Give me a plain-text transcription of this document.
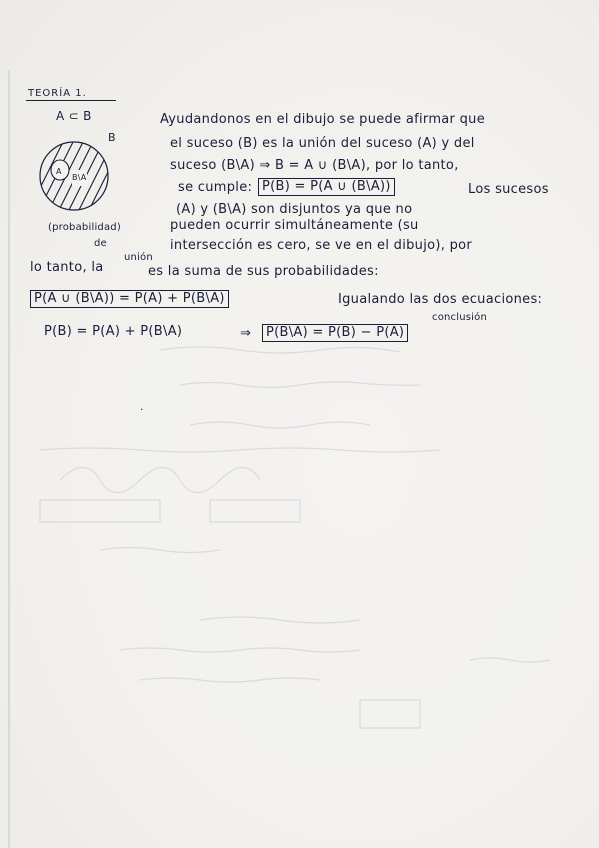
TEORÍA 1.
A ⊂ B
B
A
B\A
Ayudandonos en el dibujo se puede afirmar que
el suceso (B) es la unión del suceso (A) y del
suceso (B\A) ⇒ B = A ∪ (B\A), por lo tanto,
se cumple: P(B) = P(A ∪ (B\A))	Los sucesos
(A) y (B\A) son disjuntos ya que no
(probabilidad)
de
pueden ocurrir simultáneamente (su
intersección es cero, se ve en el dibujo), por
lo tanto, la
unión
es la suma de sus probabilidades:
P(A ∪ (B\A)) = P(A) + P(B\A)	Igualando las dos ecuaciones:
conclusión
P(B) = P(A) + P(B\A)	⇒	P(B\A) = P(B) − P(A)
.
